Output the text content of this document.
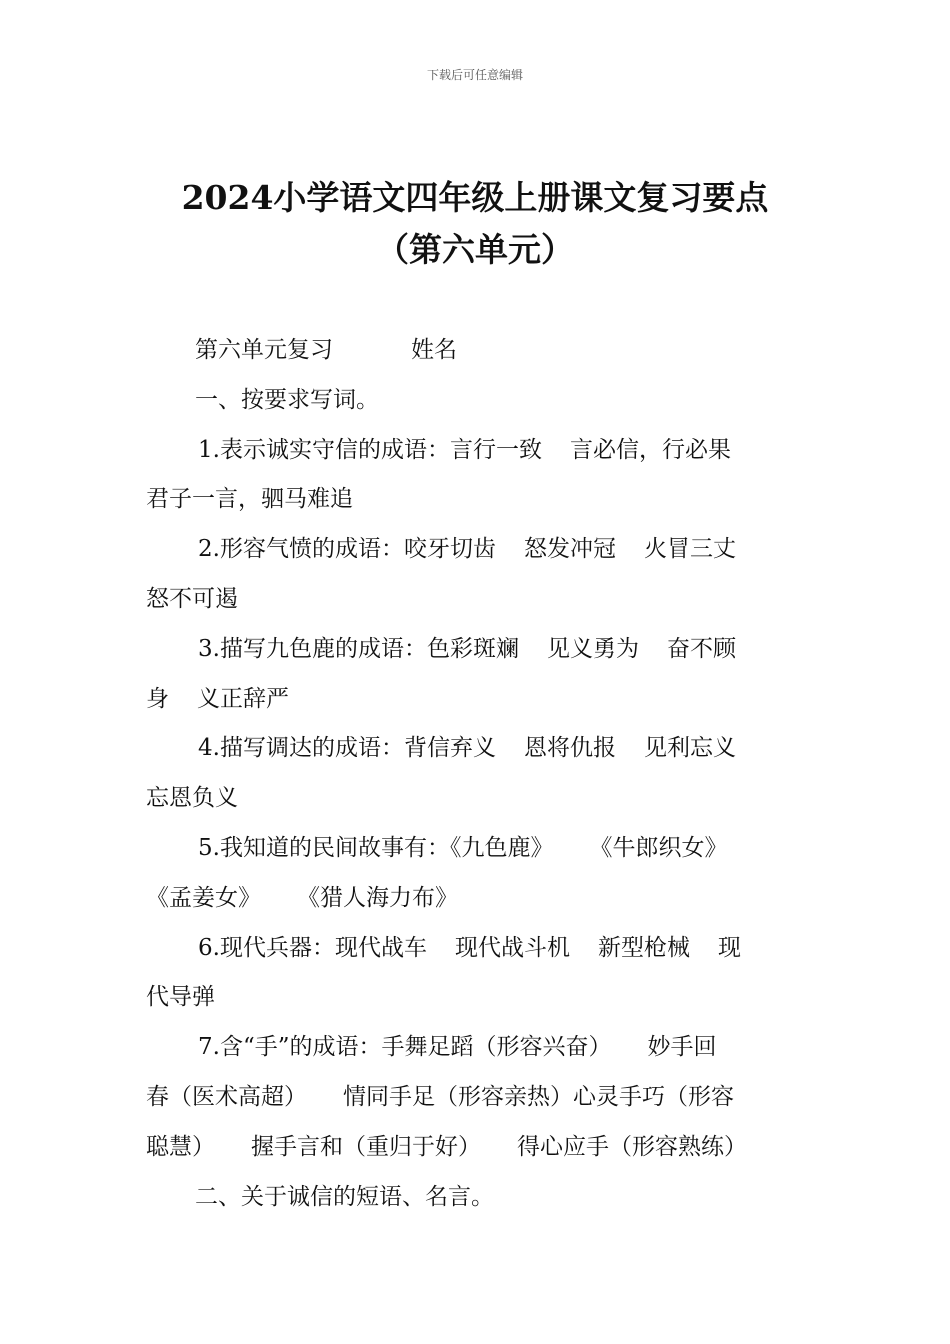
下载后可任意编辑
2024小学语文四年级上册课文复习要点
（第六单元）
第六单元复习	姓名
一、按要求写词。
1.表示诚实守信的成语：言行一致 言必信，行必果
君子一言，驷马难追
2.形容气愤的成语：咬牙切齿 怒发冲冠 火冒三丈
怒不可遏
3.描写九色鹿的成语：色彩斑斓 见义勇为 奋不顾
身 义正辞严
4.描写调达的成语：背信弃义 恩将仇报 见利忘义
忘恩负义
5.我知道的民间故事有：《九色鹿》 《牛郎织女》
《孟姜女》 《猎人海力布》
6.现代兵器：现代战车 现代战斗机 新型枪械 现
代导弹
7.含“手”的成语：手舞足蹈（形容兴奋） 妙手回
春（医术高超） 情同手足（形容亲热）心灵手巧（形容
聪慧） 握手言和（重归于好） 得心应手（形容熟练）
二、关于诚信的短语、名言。
